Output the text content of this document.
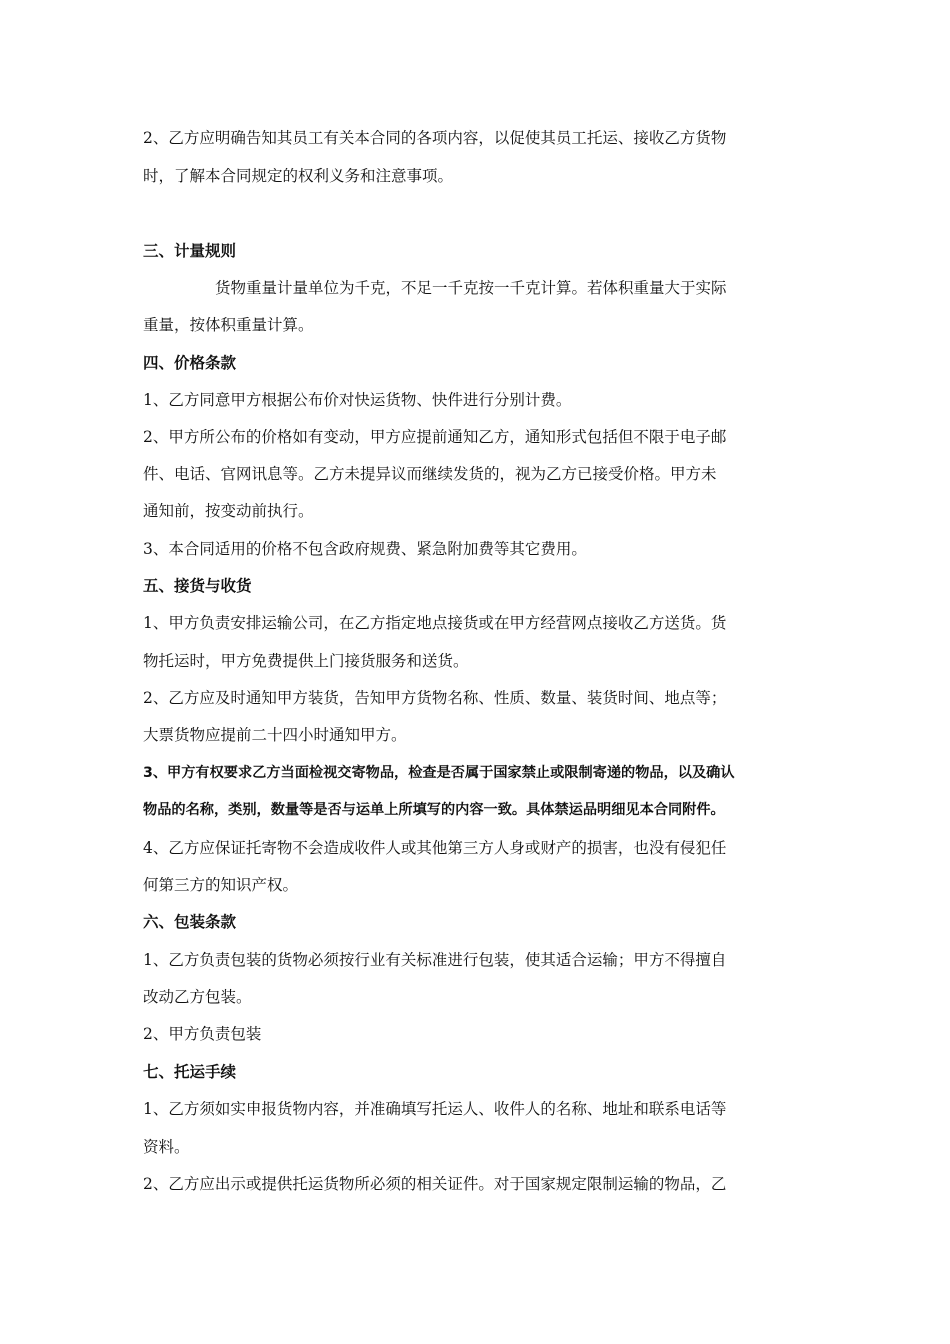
2、乙方应明确告知其员工有关本合同的各项内容，以促使其员工托运、接收乙方货物
时，了解本合同规定的权利义务和注意事项。
三、计量规则
货物重量计量单位为千克，不足一千克按一千克计算。若体积重量大于实际
重量，按体积重量计算。
四、价格条款
1、乙方同意甲方根据公布价对快运货物、快件进行分别计费。
2、甲方所公布的价格如有变动，甲方应提前通知乙方，通知形式包括但不限于电子邮
件、电话、官网讯息等。乙方未提异议而继续发货的，视为乙方已接受价格。甲方未
通知前，按变动前执行。
3、本合同适用的价格不包含政府规费、紧急附加费等其它费用。
五、接货与收货
1、甲方负责安排运输公司，在乙方指定地点接货或在甲方经营网点接收乙方送货。货
物托运时，甲方免费提供上门接货服务和送货。
2、乙方应及时通知甲方装货，告知甲方货物名称、性质、数量、装货时间、地点等；
大票货物应提前二十四小时通知甲方。
3、甲方有权要求乙方当面检视交寄物品，检查是否属于国家禁止或限制寄递的物品，以及确认
物品的名称，类别，数量等是否与运单上所填写的内容一致。具体禁运品明细见本合同附件。
4、乙方应保证托寄物不会造成收件人或其他第三方人身或财产的损害，也没有侵犯任
何第三方的知识产权。
六、包装条款
1、乙方负责包装的货物必须按行业有关标准进行包装，使其适合运输；甲方不得擅自
改动乙方包装。
2、甲方负责包装
七、托运手续
1、乙方须如实申报货物内容，并准确填写托运人、收件人的名称、地址和联系电话等
资料。
2、乙方应出示或提供托运货物所必须的相关证件。对于国家规定限制运输的物品，乙
